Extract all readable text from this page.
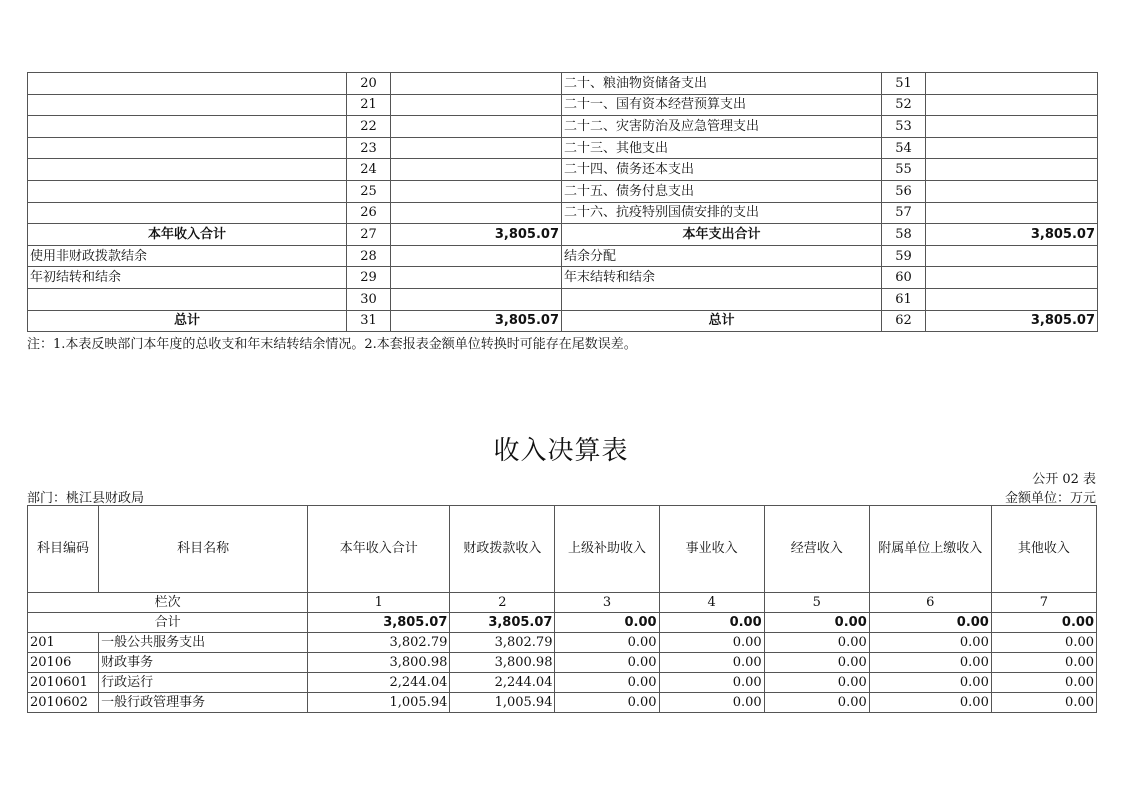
	20		二十、粮油物资储备支出	51	
	21		二十一、国有资本经营预算支出	52	
	22		二十二、灾害防治及应急管理支出	53	
	23		二十三、其他支出	54	
	24		二十四、债务还本支出	55	
	25		二十五、债务付息支出	56	
	26		二十六、抗疫特别国债安排的支出	57	
本年收入合计	27	3,805.07	本年支出合计	58	3,805.07
使用非财政拨款结余	28		结余分配	59	
年初结转和结余	29		年末结转和结余	60	
	30			61	
总计	31	3,805.07	总计	62	3,805.07
注：1.本表反映部门本年度的总收支和年末结转结余情况。2.本套报表金额单位转换时可能存在尾数误差。
收入决算表
公开 02 表
部门：桃江县财政局	金额单位：万元
科目编码	科目名称	本年收入合计	财政拨款收入	上级补助收入	事业收入	经营收入	附属单位上缴收入	其他收入
栏次		1	2	3	4	5	6	7
合计		3,805.07	3,805.07	0.00	0.00	0.00	0.00	0.00
201	一般公共服务支出	3,802.79	3,802.79	0.00	0.00	0.00	0.00	0.00
20106	财政事务	3,800.98	3,800.98	0.00	0.00	0.00	0.00	0.00
2010601	行政运行	2,244.04	2,244.04	0.00	0.00	0.00	0.00	0.00
2010602	一般行政管理事务	1,005.94	1,005.94	0.00	0.00	0.00	0.00	0.00
